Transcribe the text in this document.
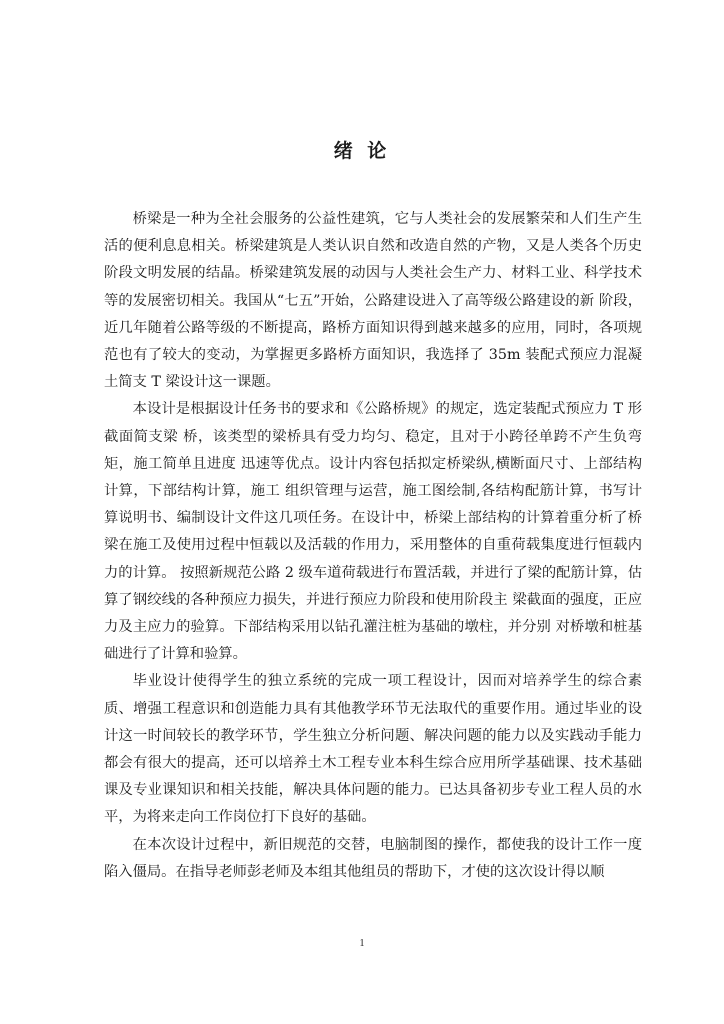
绪 论

桥梁是一种为全社会服务的公益性建筑，它与人类社会的发展繁荣和人们生产生活的便利息息相关。桥梁建筑是人类认识自然和改造自然的产物，又是人类各个历史阶段文明发展的结晶。桥梁建筑发展的动因与人类社会生产力、材料工业、科学技术等的发展密切相关。我国从“七五”开始，公路建设进入了高等级公路建设的新 阶段，近几年随着公路等级的不断提高，路桥方面知识得到越来越多的应用，同时，各项规 范也有了较大的变动，为掌握更多路桥方面知识，我选择了 35m 装配式预应力混凝土简支 T 梁设计这一课题。

本设计是根据设计任务书的要求和《公路桥规》的规定，选定装配式预应力 T 形截面简支梁 桥，该类型的梁桥具有受力均匀、稳定，且对于小跨径单跨不产生负弯矩，施工简单且进度 迅速等优点。设计内容包括拟定桥梁纵,横断面尺寸、上部结构计算，下部结构计算，施工 组织管理与运营，施工图绘制,各结构配筋计算，书写计算说明书、编制设计文件这几项任务。在设计中，桥梁上部结构的计算着重分析了桥梁在施工及使用过程中恒载以及活载的作用力，采用整体的自重荷载集度进行恒载内力的计算。 按照新规范公路 2 级车道荷载进行布置活载，并进行了梁的配筋计算，估算了钢绞线的各种预应力损失，并进行预应力阶段和使用阶段主 梁截面的强度，正应力及主应力的验算。下部结构采用以钻孔灌注桩为基础的墩柱，并分别 对桥墩和桩基础进行了计算和验算。

毕业设计使得学生的独立系统的完成一项工程设计，因而对培养学生的综合素质、增强工程意识和创造能力具有其他教学环节无法取代的重要作用。通过毕业的设计这一时间较长的教学环节，学生独立分析问题、解决问题的能力以及实践动手能力都会有很大的提高，还可以培养土木工程专业本科生综合应用所学基础课、技术基础课及专业课知识和相关技能，解决具体问题的能力。已达具备初步专业工程人员的水平，为将来走向工作岗位打下良好的基础。

在本次设计过程中，新旧规范的交替，电脑制图的操作，都使我的设计工作一度陷入僵局。在指导老师彭老师及本组其他组员的帮助下，才使的这次设计得以顺

1
